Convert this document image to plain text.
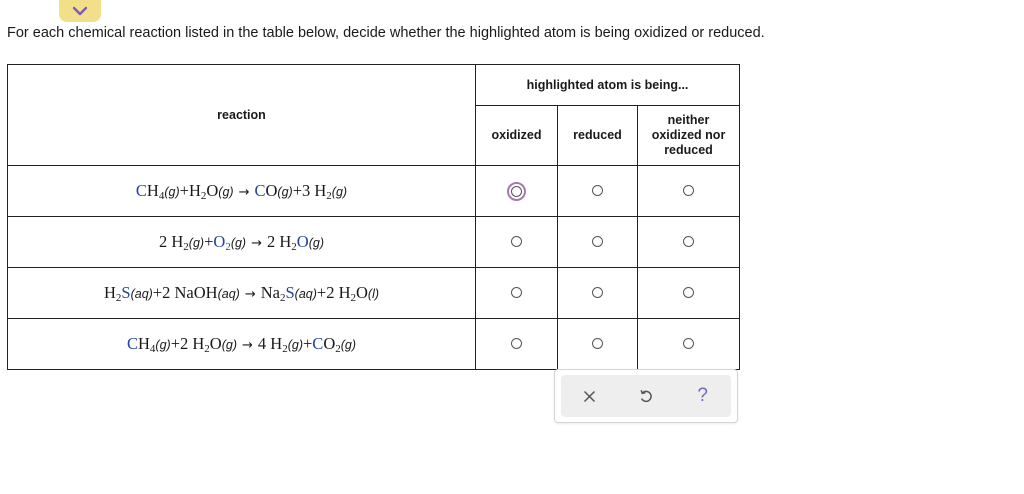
For each chemical reaction listed in the table below, decide whether the highlighted atom is being oxidized or reduced.
reaction	highlighted atom is being...		
	oxidized	reduced	neither oxidized nor reduced
$CH_4(g)+H_2O(g) \to CO(g)+3$ $H_2(g)$			
2 $H_2(g)+O_2(g) \to 2$ $H_2O(g)$			
$H_2S(aq)+2$ NaOH(aq) → $Na_2S(aq)+2$ $H_2O(l)$			
$CH_4(g)+2$ $H_2O(g) \to 4$ $H_2(g)+CO_2(g)$			
?
